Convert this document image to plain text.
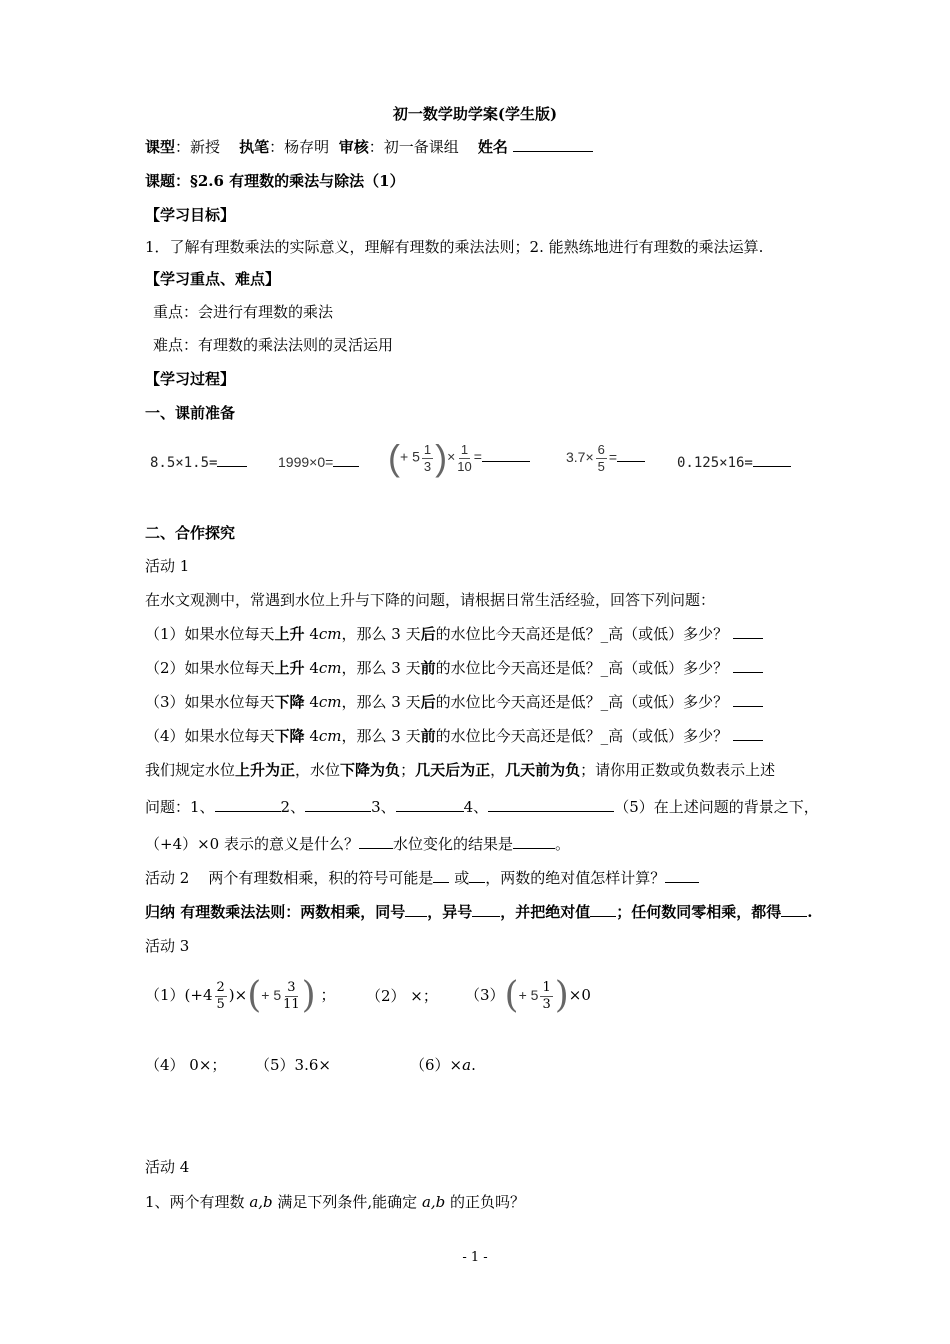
初一数学助学案(学生版)
课型：新授 执笔：杨存明 审核：初一备课组 姓名
课题：§2.6 有理数的乘法与除法（1）
【学习目标】
1．了解有理数乘法的实际意义，理解有理数的乘法法则；2. 能熟练地进行有理数的乘法运算.
【学习重点、难点】
重点：会进行有理数的乘法
难点：有理数的乘法法则的灵活运用
【学习过程】
一、课前准备
8.5×1.5=	1999×0=	(+ $5 \frac{1}{3}$ )× $\frac{1}{10}$ =	$3.7\times \frac{6}{5}$ =	0.125×16=
二、合作探究
活动 1
在水文观测中，常遇到水位上升与下降的问题，请根据日常生活经验，回答下列问题：
（1）如果水位每天上升 4cm，那么 3 天后的水位比今天高还是低？_高（或低）多少？
（2）如果水位每天上升 4cm，那么 3 天前的水位比今天高还是低？_高（或低）多少？
（3）如果水位每天下降 4cm，那么 3 天后的水位比今天高还是低？_高（或低）多少？
（4）如果水位每天下降 4cm，那么 3 天前的水位比今天高还是低？_高（或低）多少？
我们规定水位上升为正，水位下降为负；几天后为正，几天前为负；请你用正数或负数表示上述
问题：1、	2、	3、	4、	（5）在上述问题的背景之下，
（+4）×0 表示的意义是什么？ 水位变化的结果是	。
活动 2 两个有理数相乘，积的符号可能是 或 ，两数的绝对值怎样计算？
归纳 有理数乘法法则：两数相乘，同号 ，异号 ，并把绝对值 ；任何数同零相乘，都得 .
活动 3
$(1)(+4 \frac{2}{5}$ )×(+ $5 \frac{3}{11}$ ) ； （2） ×； $(3)(+ 5 \frac{1}{3} )\times 0$
（4） 0×； （5）3.6×	（6）×a.
活动 4
1、两个有理数 a,b 满足下列条件,能确定 a,b 的正负吗？
- 1 -
